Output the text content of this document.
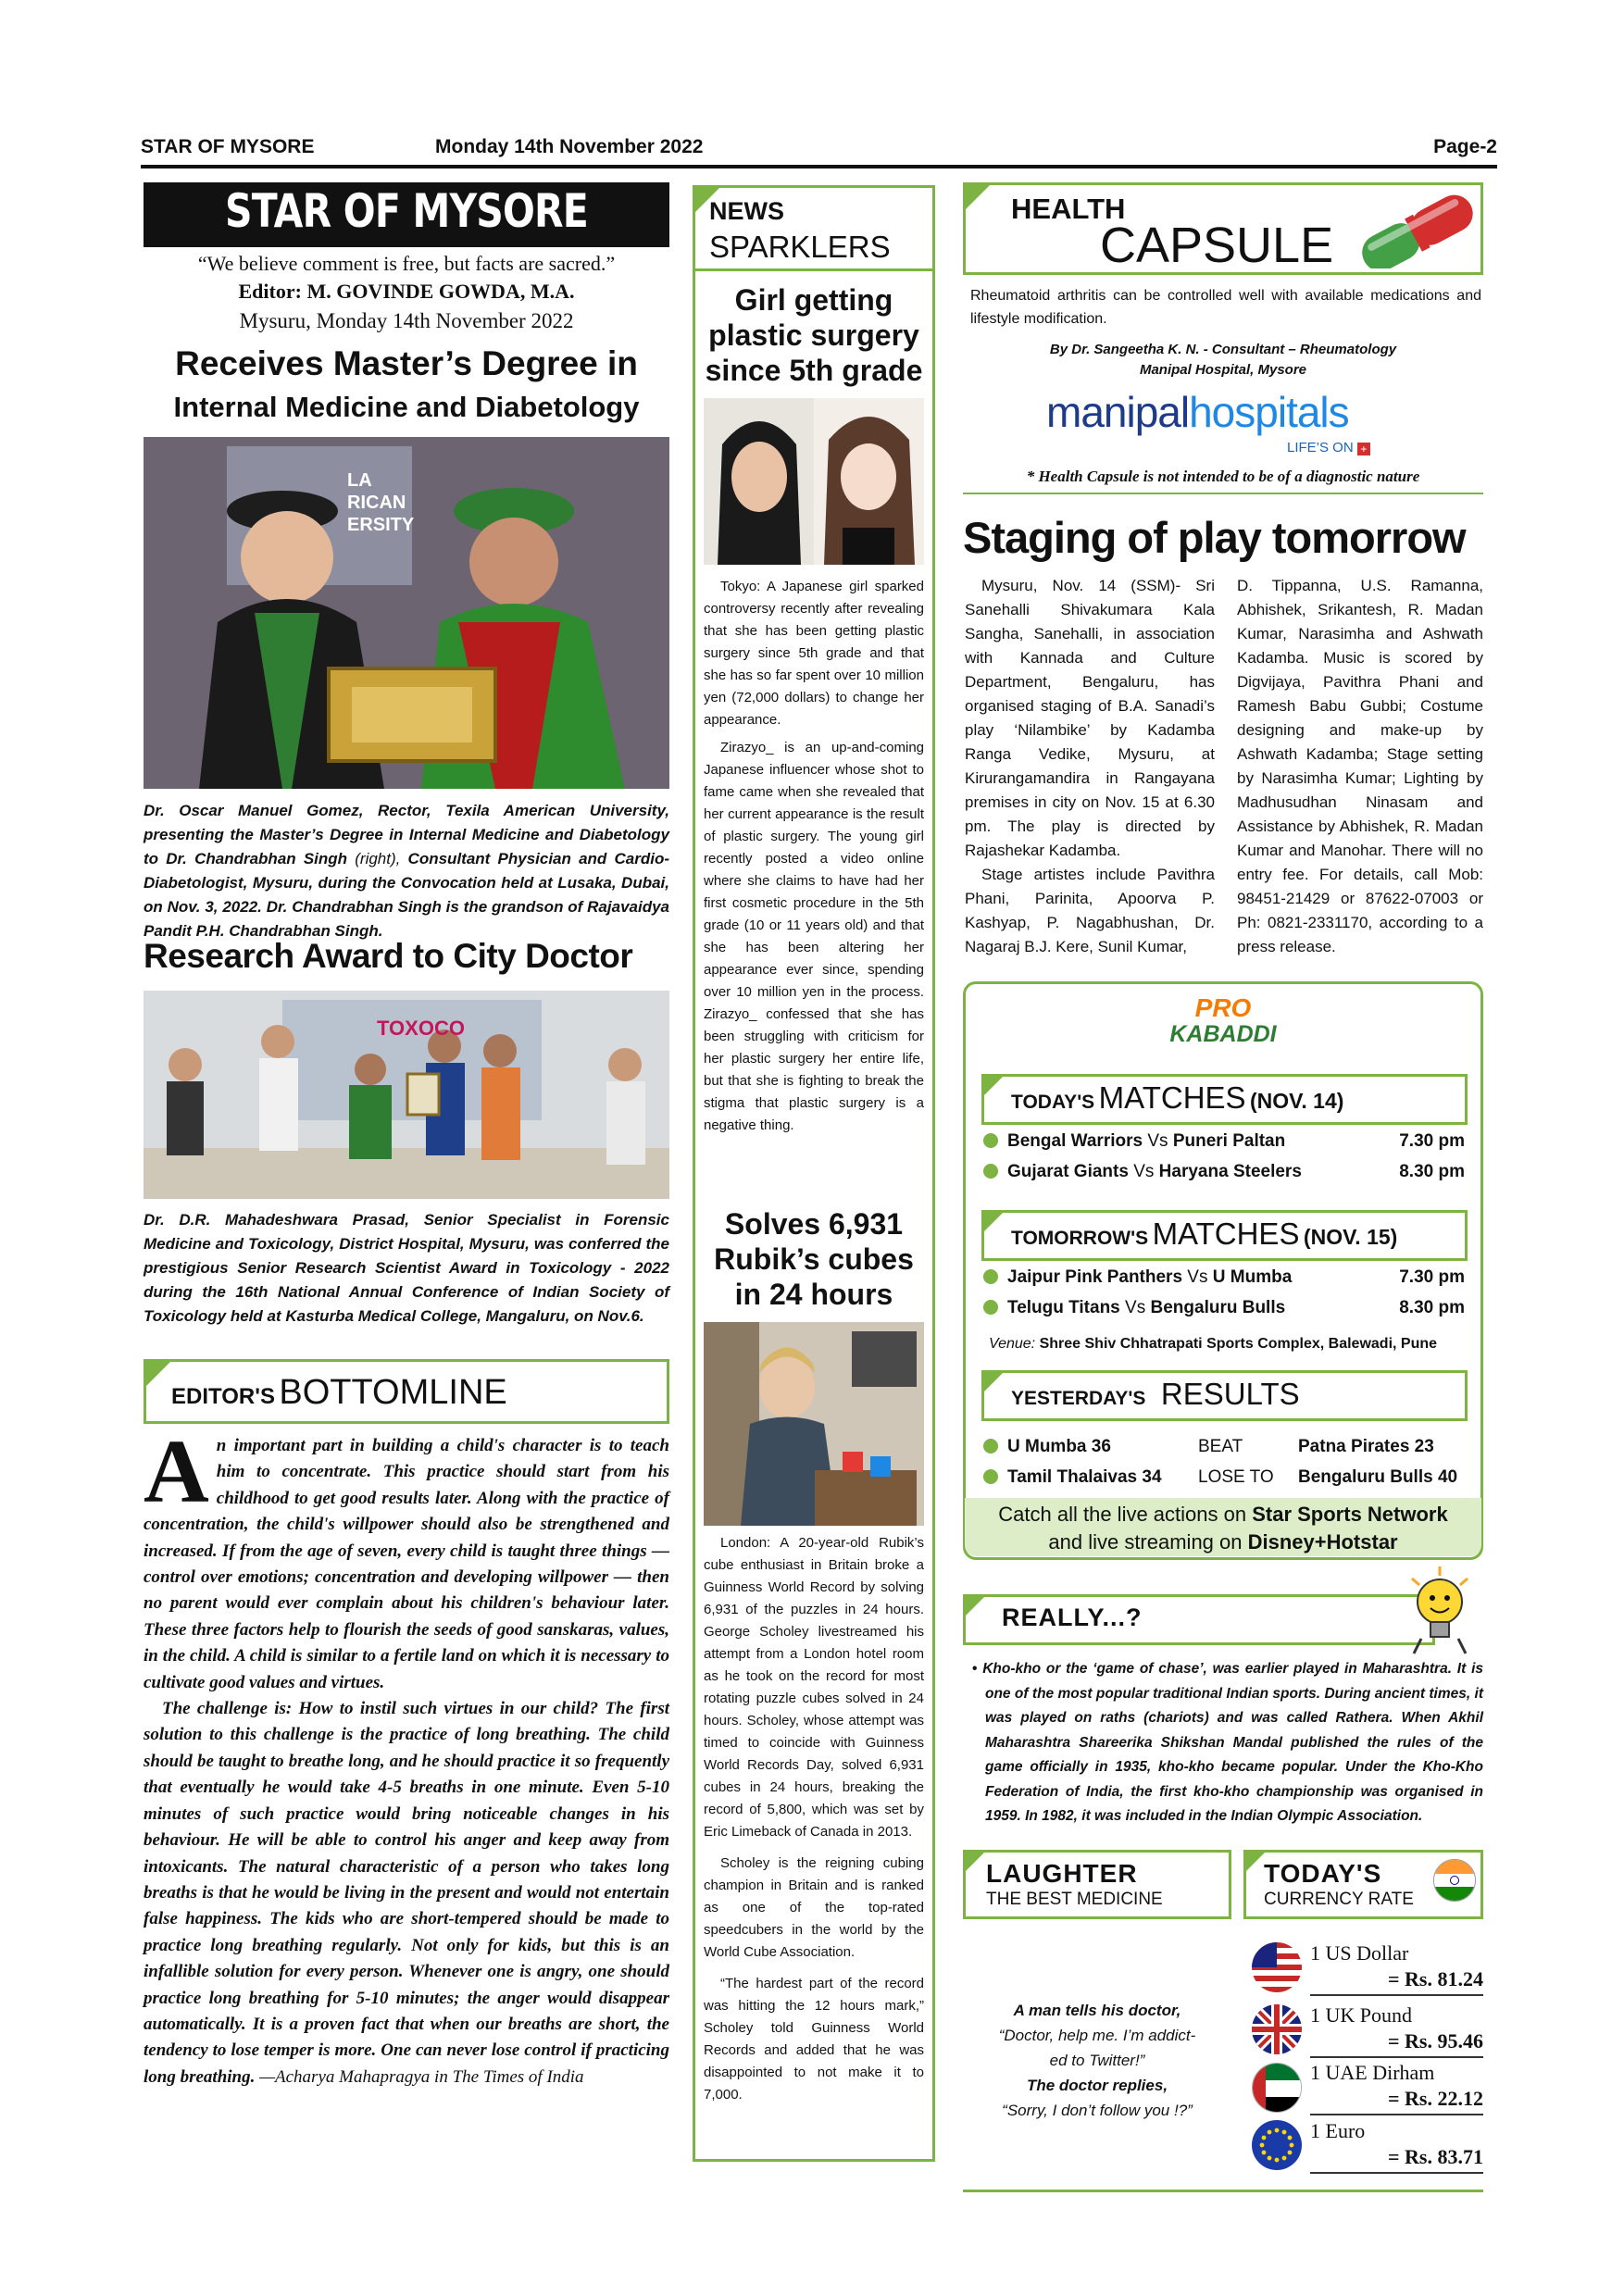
STAR OF MYSORE	Monday 14th November 2022	Page-2
STAR OF MYSORE
“We believe comment is free, but facts are sacred.”
Editor: M. GOVINDE GOWDA, M.A.
Mysuru, Monday 14th November 2022
Receives Master’s Degree in
Internal Medicine and Diabetology
LA
RICAN
ERSITY
Dr. Oscar Manuel Gomez, Rector, Texila American University, presenting the Master’s Degree in Internal Medicine and Diabetology to Dr. Chandrabhan Singh (right), Consultant Physician and Cardio-Diabetologist, Mysuru, during the Convocation held at Lusaka, Dubai, on Nov. 3, 2022. Dr. Chandrabhan Singh is the grandson of Rajavaidya Pandit P.H. Chandrabhan Singh.
Research Award to City Doctor
TOXOCO
Dr. D.R. Mahadeshwara Prasad, Senior Specialist in Forensic Medicine and Toxicology, District Hospital, Mysuru, was conferred the prestigious Senior Research Scientist Award in Toxicology - 2022 during the 16th National Annual Conference of Indian Society of Toxicology held at Kasturba Medical College, Mangaluru, on Nov.6.
EDITOR'S BOTTOMLINE
A n important part in building a child's character is to teach him to concentrate. This practice should start from his childhood to get good results later. Along with the practice of concentration, the child's willpower should also be strengthened and increased. If from the age of seven, every child is taught three things — control over emotions; concentration and developing willpower — then no parent would ever complain about his children's behaviour later. These three factors help to flourish the seeds of good sanskaras, values, in the child. A child is similar to a fertile land on which it is necessary to cultivate good values and virtues.
The challenge is: How to instil such virtues in our child? The first solution to this challenge is the practice of long breathing. The child should be taught to breathe long, and he should practice it so frequently that eventually he would take 4-5 breaths in one minute. Even 5-10 minutes of such practice would bring noticeable changes in his behaviour. He will be able to control his anger and keep away from intoxicants. The natural characteristic of a person who takes long breaths is that he would be living in the present and would not entertain false happiness. The kids who are short-tempered should be made to practice long breathing regularly. Not only for kids, but this is an infallible solution for every person. Whenever one is angry, one should practice long breathing for 5-10 minutes; the anger would disappear automatically. It is a proven fact that when our breaths are short, the tendency to lose temper is more. One can never lose control if practicing long breathing. —Acharya Mahapragya in The Times of India
NEWS
SPARKLERS
Girl getting plastic surgery since 5th grade
Tokyo: A Japanese girl sparked controversy recently after revealing that she has been getting plastic surgery since 5th grade and that she has so far spent over 10 million yen (72,000 dollars) to change her appearance.
Zirazyo_ is an up-and-coming Japanese influencer whose shot to fame came when she revealed that her current appearance is the result of plastic surgery. The young girl recently posted a video online where she claims to have had her first cosmetic procedure in the 5th grade (10 or 11 years old) and that she has been altering her appearance ever since, spending over 10 million yen in the process. Zirazyo_ confessed that she has been struggling with criticism for her plastic surgery her entire life, but that she is fighting to break the stigma that plastic surgery is a negative thing.
Solves 6,931 Rubik’s cubes in 24 hours
London: A 20-year-old Rubik’s cube enthusiast in Britain broke a Guinness World Record by solving 6,931 of the puzzles in 24 hours. George Scholey livestreamed his attempt from a London hotel room as he took on the record for most rotating puzzle cubes solved in 24 hours. Scholey, whose attempt was timed to coincide with Guinness World Records Day, solved 6,931 cubes in 24 hours, breaking the record of 5,800, which was set by Eric Limeback of Canada in 2013.
Scholey is the reigning cubing champion in Britain and is ranked as one of the top-rated speedcubers in the world by the World Cube Association.
“The hardest part of the record was hitting the 12 hours mark,” Scholey told Guinness World Records and added that he was disappointed to not make it to 7,000.
HEALTH
CAPSULE
Rheumatoid arthritis can be controlled well with available medications and lifestyle modification.
By Dr. Sangeetha K. N. - Consultant – Rheumatology
Manipal Hospital, Mysore
manipalhospitals
LIFE’S ON +
* Health Capsule is not intended to be of a diagnostic nature
Staging of play tomorrow
Mysuru, Nov. 14 (SSM)- Sri Sanehalli Shivakumara Kala Sangha, Sanehalli, in association with Kannada and Culture Department, Bengaluru, has organised staging of B.A. Sanadi’s play ‘Nilambike’ by Kadamba Ranga Vedike, Mysuru, at Kirurangamandira in Rangayana premises in city on Nov. 15 at 6.30 pm. The play is directed by Rajashekar Kadamba.
Stage artistes include Pavithra Phani, Parinita, Apoorva P. Kashyap, P. Nagabhushan, Dr. Nagaraj B.J. Kere, Sunil Kumar,
D. Tippanna, U.S. Ramanna, Abhishek, Srikantesh, R. Madan Kumar, Narasimha and Ashwath Kadamba. Music is scored by Digvijaya, Pavithra Phani and Ramesh Babu Gubbi; Costume designing and make-up by Ashwath Kadamba; Stage setting by Narasimha Kumar; Lighting by Madhusudhan Ninasam and Assistance by Abhishek, R. Madan Kumar and Manohar. There will no entry fee. For details, call Mob: 98451-21429 or 87622-07003 or Ph: 0821-2331170, according to a press release.
PRO
KABADDI
TODAY'S MATCHES (NOV. 14)
Bengal Warriors Vs Puneri Paltan	7.30 pm
Gujarat Giants Vs Haryana Steelers	8.30 pm
TOMORROW'S MATCHES (NOV. 15)
Jaipur Pink Panthers Vs U Mumba	7.30 pm
Telugu Titans Vs Bengaluru Bulls	8.30 pm
Venue: Shree Shiv Chhatrapati Sports Complex, Balewadi, Pune
YESTERDAY'S RESULTS
U Mumba 36	BEAT	Patna Pirates 23
Tamil Thalaivas 34 LOSE TO Bengaluru Bulls 40
Catch all the live actions on Star Sports Network
and live streaming on Disney+Hotstar
REALLY...?
• Kho-kho or the ‘game of chase’, was earlier played in Maharashtra. It is one of the most popular traditional Indian sports. During ancient times, it was played on raths (chariots) and was called Rathera. When Akhil Maharashtra Shareerika Shikshan Mandal published the rules of the game officially in 1935, kho-kho became popular. Under the Kho-Kho Federation of India, the first kho-kho championship was organised in 1959. In 1982, it was included in the Indian Olympic Association.
LAUGHTER
THE BEST MEDICINE
A man tells his doctor,
“Doctor, help me. I’m addict-
ed to Twitter!”
The doctor replies,
“Sorry, I don’t follow you !?”
TODAY'S
CURRENCY RATE
1 US Dollar
= Rs. 81.24
1 UK Pound
= Rs. 95.46
1 UAE Dirham
= Rs. 22.12
1 Euro
= Rs. 83.71
